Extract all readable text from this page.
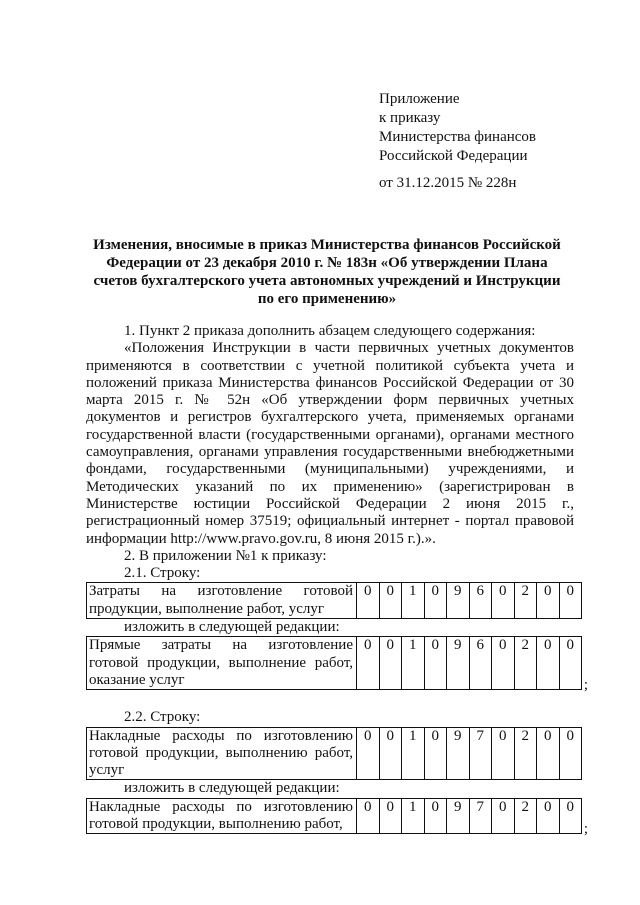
Приложение
к приказу
Министерства финансов
Российской Федерации
от 31.12.2015 № 228н
Изменения, вносимые в приказ Министерства финансов Российской Федерации от 23 декабря 2010 г. № 183н «Об утверждении Плана счетов бухгалтерского учета автономных учреждений и Инструкции по его применению»
1. Пункт 2 приказа дополнить абзацем следующего содержания:
«Положения Инструкции в части первичных учетных документов применяются в соответствии с учетной политикой субъекта учета и положений приказа Министерства финансов Российской Федерации от 30 марта 2015 г. № 52н «Об утверждении форм первичных учетных документов и регистров бухгалтерского учета, применяемых органами государственной власти (государственными органами), органами местного самоуправления, органами управления государственными внебюджетными фондами, государственными (муниципальными) учреждениями, и Методических указаний по их применению» (зарегистрирован в Министерстве юстиции Российской Федерации 2 июня 2015 г., регистрационный номер 37519; официальный интернет - портал правовой информации http://www.pravo.gov.ru, 8 июня 2015 г.).».
2. В приложении №1 к приказу:
2.1. Строку:
Затраты на изготовление готовой продукции, выполнение работ, услуг	0	0	1	0	9	6	0	2	0	0
изложить в следующей редакции:
Прямые затраты на изготовление готовой продукции, выполнение работ, оказание услуг	0	0	1	0	9	6	0	2	0	0
;
2.2. Строку:
Накладные расходы по изготовлению готовой продукции, выполнению работ, услуг	0	0	1	0	9	7	0	2	0	0
изложить в следующей редакции:
Накладные расходы по изготовлению готовой продукции, выполнению работ,	0	0	1	0	9	7	0	2	0	0
;
